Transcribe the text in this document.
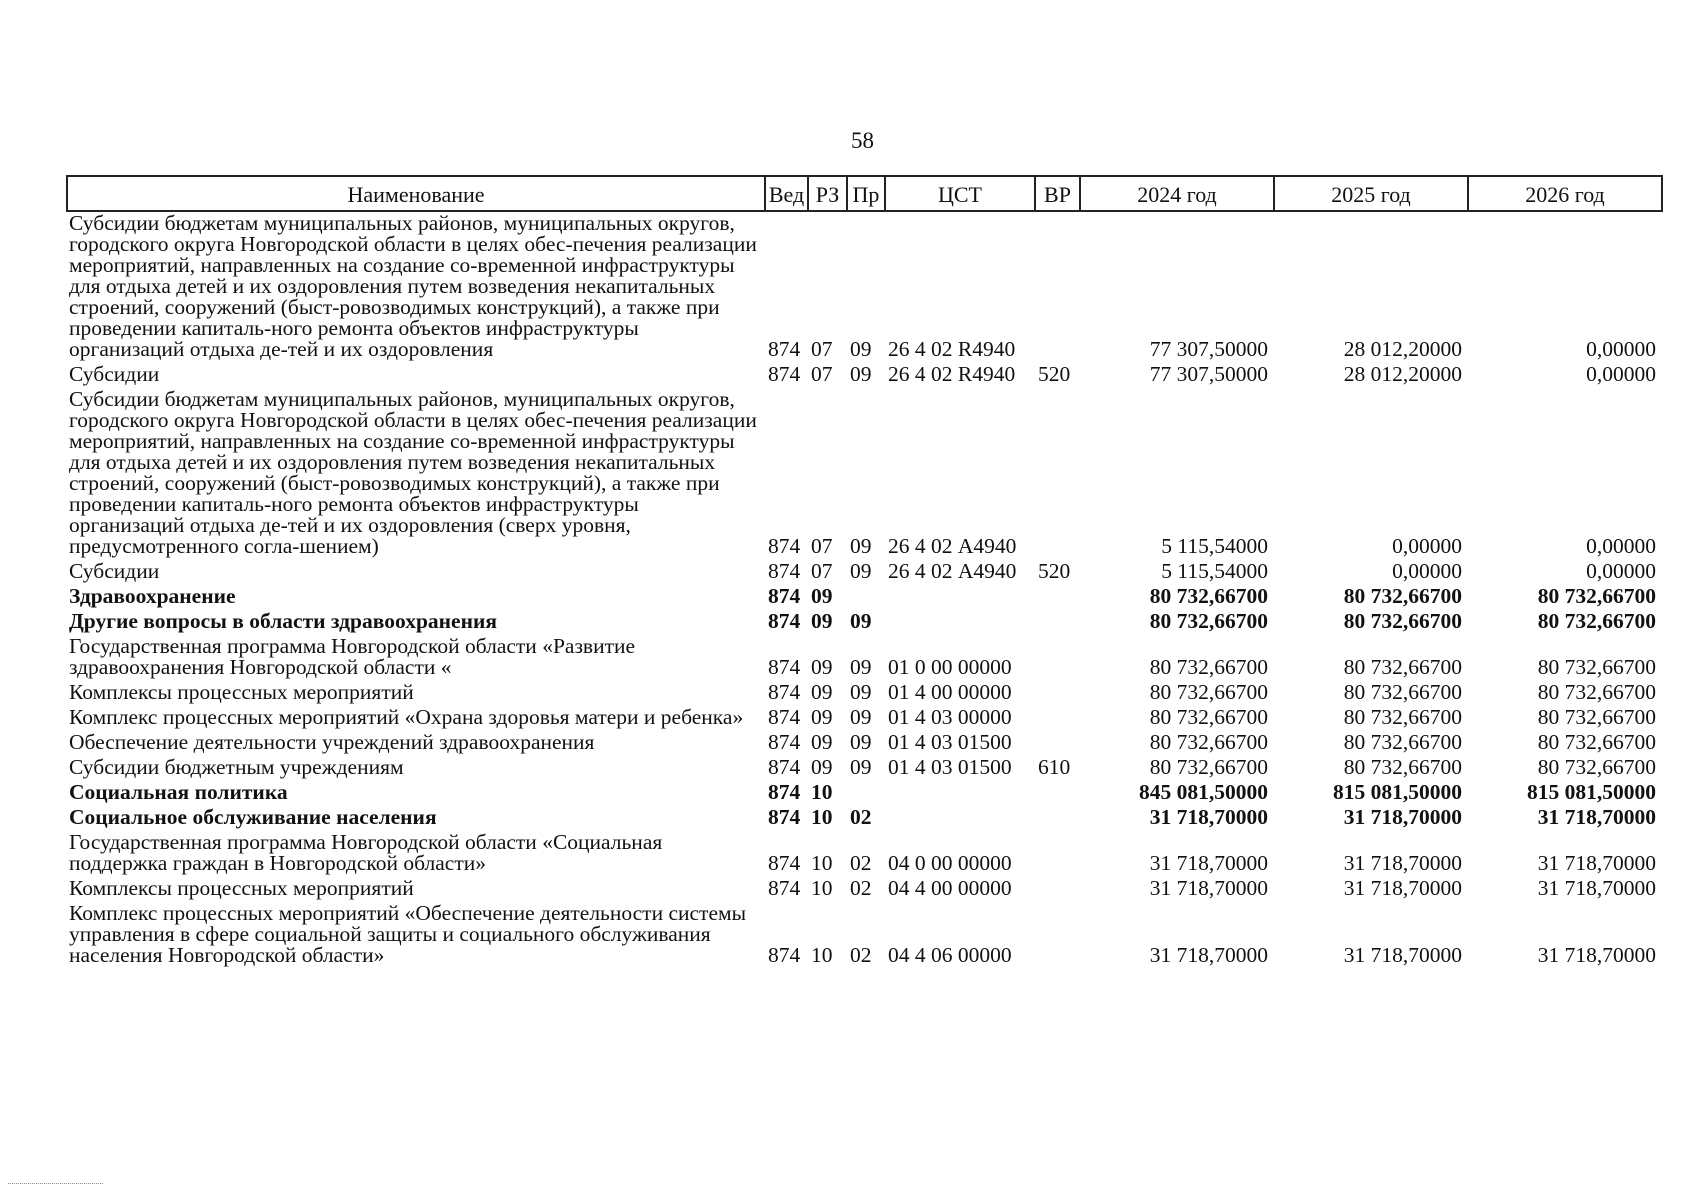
58
Наименование	Вед	РЗ	Пр	ЦСТ	ВР	2024 год	2025 год	2026 год
Субсидии бюджетам муниципальных районов, муниципальных округов, городского округа Новгородской области в целях обес-печения реализации мероприятий, направленных на создание со-временной инфраструктуры для отдыха детей и их оздоровления путем возведения некапитальных строений, сооружений (быст-ровозводимых конструкций), а также при проведении капиталь-ного ремонта объектов инфраструктуры организаций отдыха де-тей и их оздоровления	874	07	09	26 4 02 R4940		77 307,50000	28 012,20000	0,00000
Субсидии	874	07	09	26 4 02 R4940	520	77 307,50000	28 012,20000	0,00000
Субсидии бюджетам муниципальных районов, муниципальных округов, городского округа Новгородской области в целях обес-печения реализации мероприятий, направленных на создание со-временной инфраструктуры для отдыха детей и их оздоровления путем возведения некапитальных строений, сооружений (быст-ровозводимых конструкций), а также при проведении капиталь-ного ремонта объектов инфраструктуры организаций отдыха де-тей и их оздоровления (сверх уровня, предусмотренного согла-шением)	874	07	09	26 4 02 А4940		5 115,54000	0,00000	0,00000
Субсидии	874	07	09	26 4 02 А4940	520	5 115,54000	0,00000	0,00000
Здравоохранение	874	09				80 732,66700	80 732,66700	80 732,66700
Другие вопросы в области здравоохранения	874	09	09			80 732,66700	80 732,66700	80 732,66700
Государственная программа Новгородской области «Развитие здравоохранения Новгородской области «	874	09	09	01 0 00 00000		80 732,66700	80 732,66700	80 732,66700
Комплексы процессных мероприятий	874	09	09	01 4 00 00000		80 732,66700	80 732,66700	80 732,66700
Комплекс процессных мероприятий «Охрана здоровья матери и ребенка»	874	09	09	01 4 03 00000		80 732,66700	80 732,66700	80 732,66700
Обеспечение деятельности учреждений здравоохранения	874	09	09	01 4 03 01500		80 732,66700	80 732,66700	80 732,66700
Субсидии бюджетным учреждениям	874	09	09	01 4 03 01500	610	80 732,66700	80 732,66700	80 732,66700
Социальная политика	874	10				845 081,50000	815 081,50000	815 081,50000
Социальное обслуживание населения	874	10	02			31 718,70000	31 718,70000	31 718,70000
Государственная программа Новгородской области «Социальная поддержка граждан в Новгородской области»	874	10	02	04 0 00 00000		31 718,70000	31 718,70000	31 718,70000
Комплексы процессных мероприятий	874	10	02	04 4 00 00000		31 718,70000	31 718,70000	31 718,70000
Комплекс процессных мероприятий «Обеспечение деятельности системы управления в сфере социальной защиты и социального обслуживания населения Новгородской области»	874	10	02	04 4 06 00000		31 718,70000	31 718,70000	31 718,70000
